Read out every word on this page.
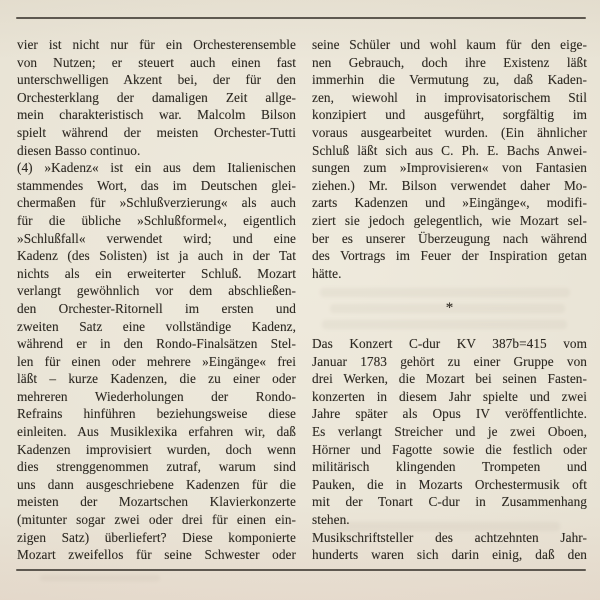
vier ist nicht nur für ein Orchesterensemble
von Nutzen; er steuert auch einen fast
unterschwelligen Akzent bei, der für den
Orchesterklang der damaligen Zeit allge-
mein charakteristisch war. Malcolm Bilson
spielt während der meisten Orchester-Tutti
diesen Basso continuo.
(4) »Kadenz« ist ein aus dem Italienischen
stammendes Wort, das im Deutschen glei-
chermaßen für »Schlußverzierung« als auch
für die übliche »Schlußformel«, eigentlich
»Schlußfall« verwendet wird; und eine
Kadenz (des Solisten) ist ja auch in der Tat
nichts als ein erweiterter Schluß. Mozart
verlangt gewöhnlich vor dem abschließen-
den Orchester-Ritornell im ersten und
zweiten Satz eine vollständige Kadenz,
während er in den Rondo-Finalsätzen Stel-
len für einen oder mehrere »Eingänge« frei
läßt – kurze Kadenzen, die zu einer oder
mehreren Wiederholungen der Rondo-
Refrains hinführen beziehungsweise diese
einleiten. Aus Musiklexika erfahren wir, daß
Kadenzen improvisiert wurden, doch wenn
dies strenggenommen zutraf, warum sind
uns dann ausgeschriebene Kadenzen für die
meisten der Mozartschen Klavierkonzerte
(mitunter sogar zwei oder drei für einen ein-
zigen Satz) überliefert? Diese komponierte
Mozart zweifellos für seine Schwester oder
seine Schüler und wohl kaum für den eige-
nen Gebrauch, doch ihre Existenz läßt
immerhin die Vermutung zu, daß Kaden-
zen, wiewohl in improvisatorischem Stil
konzipiert und ausgeführt, sorgfältig im
voraus ausgearbeitet wurden. (Ein ähnlicher
Schluß läßt sich aus C. Ph. E. Bachs Anwei-
sungen zum »Improvisieren« von Fantasien
ziehen.) Mr. Bilson verwendet daher Mo-
zarts Kadenzen und »Eingänge«, modifi-
ziert sie jedoch gelegentlich, wie Mozart sel-
ber es unserer Überzeugung nach während
des Vortrags im Feuer der Inspiration getan
hätte.
*
Das Konzert C-dur KV 387b=415 vom
Januar 1783 gehört zu einer Gruppe von
drei Werken, die Mozart bei seinen Fasten-
konzerten in diesem Jahr spielte und zwei
Jahre später als Opus IV veröffentlichte.
Es verlangt Streicher und je zwei Oboen,
Hörner und Fagotte sowie die festlich oder
militärisch klingenden Trompeten und
Pauken, die in Mozarts Orchestermusik oft
mit der Tonart C-dur in Zusammenhang
stehen.
Musikschriftsteller des achtzehnten Jahr-
hunderts waren sich darin einig, daß den
